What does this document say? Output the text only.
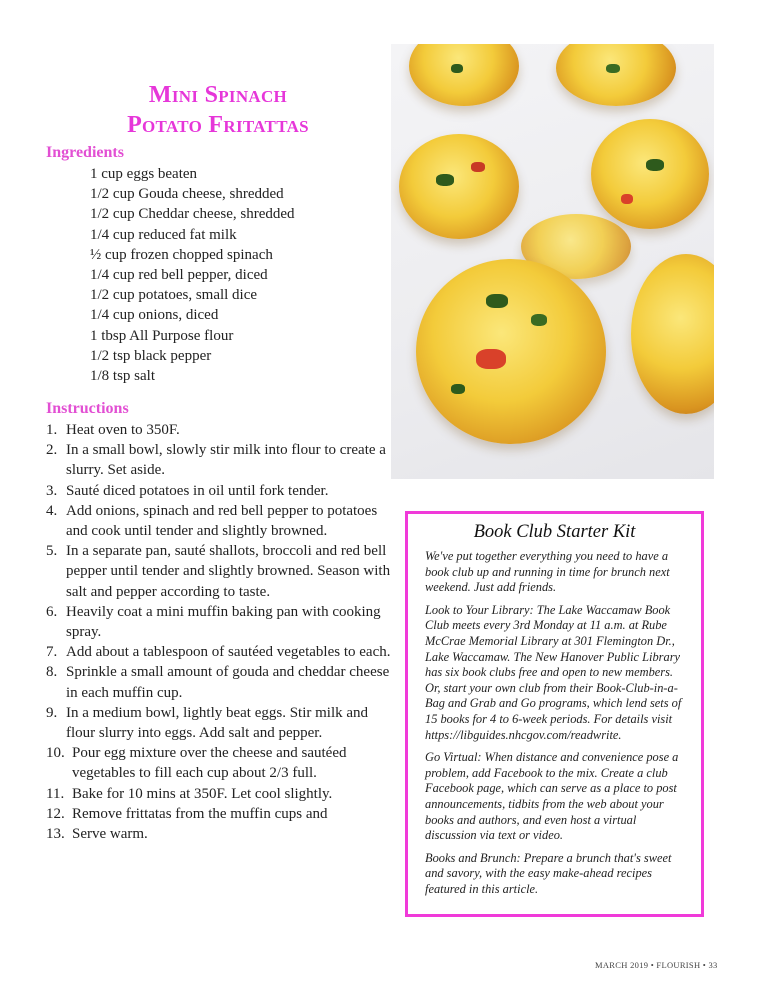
Mini Spinach
Potato Fritattas
Ingredients
1 cup eggs beaten
1/2 cup Gouda cheese, shredded
1/2 cup Cheddar cheese, shredded
1/4 cup reduced fat milk
½ cup frozen chopped spinach
1/4 cup red bell pepper, diced
1/2 cup potatoes, small dice
1/4 cup onions, diced
1 tbsp All Purpose flour
1/2 tsp black pepper
1/8 tsp salt
Instructions
1. Heat oven to 350F.
2. In a small bowl, slowly stir milk into flour to create a slurry. Set aside.
3. Sauté diced potatoes in oil until fork tender.
4. Add onions, spinach and red bell pepper to potatoes and cook until tender and slightly browned.
5. In a separate pan, sauté shallots, broccoli and red bell pepper until tender and slightly browned. Season with salt and pepper according to taste.
6. Heavily coat a mini muffin baking pan with cooking spray.
7. Add about a tablespoon of sautéed vegetables to each.
8. Sprinkle a small amount of gouda and cheddar cheese in each muffin cup.
9. In a medium bowl, lightly beat eggs. Stir milk and flour slurry into eggs. Add salt and pepper.
10. Pour egg mixture over the cheese and sautéed vegetables to fill each cup about 2/3 full.
11. Bake for 10 mins at 350F. Let cool slightly.
12. Remove frittatas from the muffin cups and
13. Serve warm.
Book Club Starter Kit

We've put together everything you need to have a book club up and running in time for brunch next weekend. Just add friends.

Look to Your Library: The Lake Waccamaw Book Club meets every 3rd Monday at 11 a.m. at Rube McCrae Memorial Library at 301 Flemington Dr., Lake Waccamaw. The New Hanover Public Library has six book clubs free and open to new members. Or, start your own club from their Book-Club-in-a-Bag and Grab and Go programs, which lend sets of 15 books for 4 to 6-week periods. For details visit https://libguides.nhcgov.com/readwrite.

Go Virtual: When distance and convenience pose a problem, add Facebook to the mix. Create a club Facebook page, which can serve as a place to post announcements, tidbits from the web about your books and authors, and even host a virtual discussion via text or video.

Books and Brunch: Prepare a brunch that's sweet and savory, with the easy make-ahead recipes featured in this article.

MARCH 2019 • FLOURISH • 33
